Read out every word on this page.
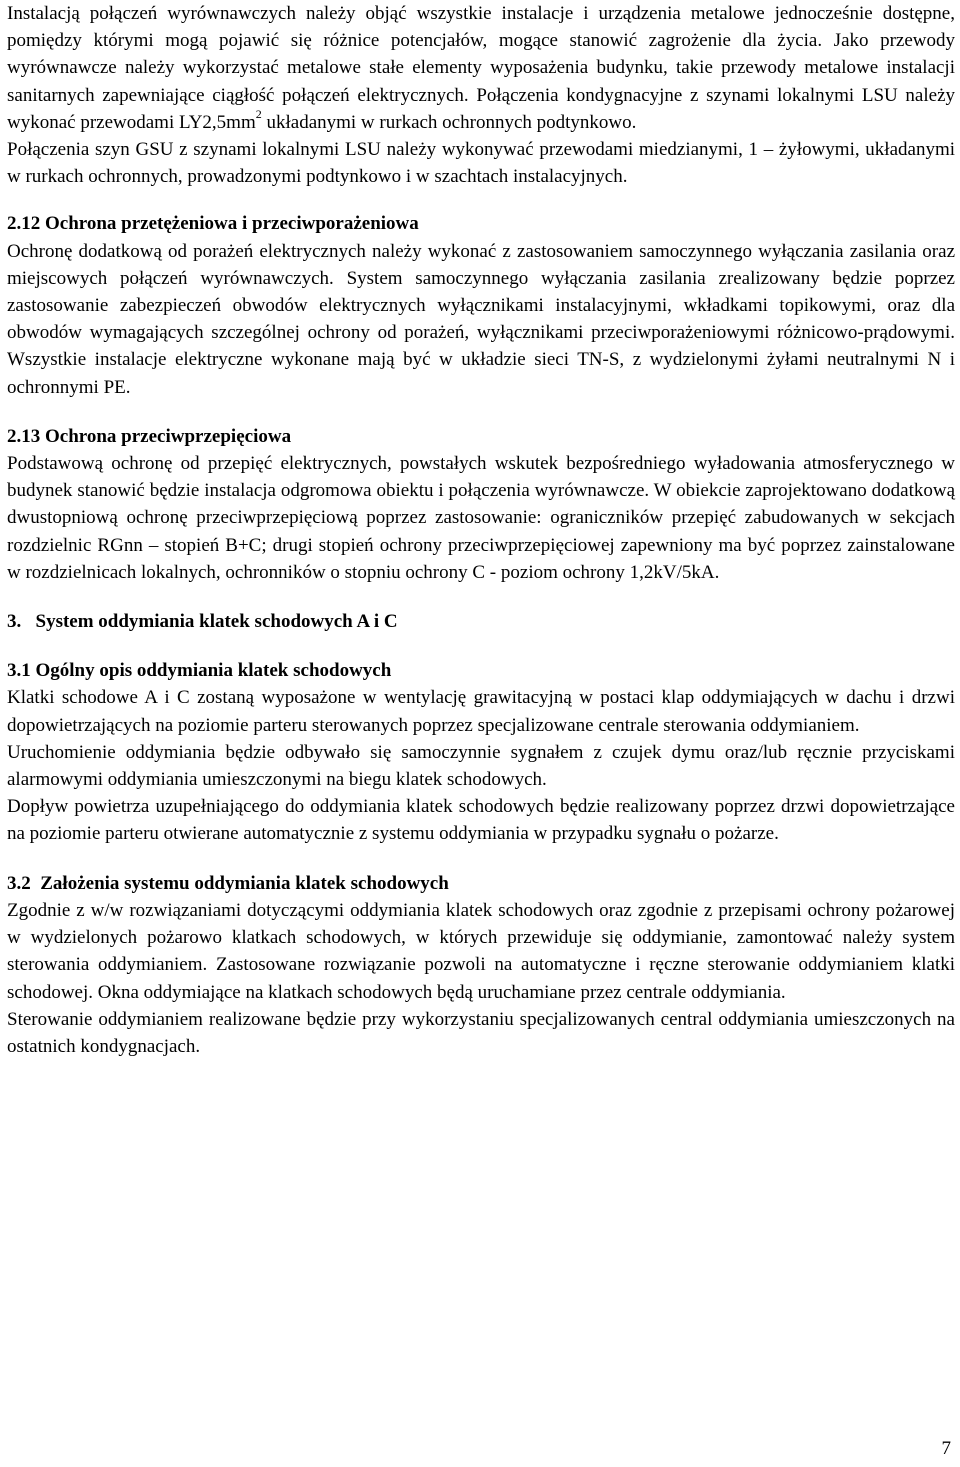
Instalacją połączeń wyrównawczych należy objąć wszystkie instalacje i urządzenia metalowe jednocześnie dostępne, pomiędzy którymi mogą pojawić się różnice potencjałów, mogące stanowić zagrożenie dla życia. Jako przewody wyrównawcze należy wykorzystać metalowe stałe elementy wyposażenia budynku, takie przewody metalowe instalacji sanitarnych zapewniające ciągłość połączeń elektrycznych. Połączenia kondygnacyjne z szynami lokalnymi LSU należy wykonać przewodami $LY2,5mm^2$ układanymi w rurkach ochronnych podtynkowo.

Połączenia szyn GSU z szynami lokalnymi LSU należy wykonywać przewodami miedzianymi, 1 – żyłowymi, układanymi w rurkach ochronnych, prowadzonymi podtynkowo i w szachtach instalacyjnych.

2.12 Ochrona przetężeniowa i przeciwporażeniowa

Ochronę dodatkową od porażeń elektrycznych należy wykonać z zastosowaniem samoczynnego wyłączania zasilania oraz miejscowych połączeń wyrównawczych. System samoczynnego wyłączania zasilania zrealizowany będzie poprzez zastosowanie zabezpieczeń obwodów elektrycznych wyłącznikami instalacyjnymi, wkładkami topikowymi, oraz dla obwodów wymagających szczególnej ochrony od porażeń, wyłącznikami przeciwporażeniowymi różnicowo-prądowymi. Wszystkie instalacje elektryczne wykonane mają być w układzie sieci TN-S, z wydzielonymi żyłami neutralnymi N i ochronnymi PE.

2.13 Ochrona przeciwprzepięciowa

Podstawową ochronę od przepięć elektrycznych, powstałych wskutek bezpośredniego wyładowania atmosferycznego w budynek stanowić będzie instalacja odgromowa obiektu i połączenia wyrównawcze. W obiekcie zaprojektowano dodatkową dwustopniową ochronę przeciwprzepięciową poprzez zastosowanie: ograniczników przepięć zabudowanych w sekcjach rozdzielnic RGnn – stopień B+C; drugi stopień ochrony przeciwprzepięciowej zapewniony ma być poprzez zainstalowane w rozdzielnicach lokalnych, ochronników o stopniu ochrony C - poziom ochrony 1,2kV/5kA.

3.   System oddymiania klatek schodowych A i C

3.1 Ogólny opis oddymiania klatek schodowych

Klatki schodowe A i C zostaną wyposażone w wentylację grawitacyjną w postaci klap oddymiających w dachu i drzwi dopowietrzających na poziomie parteru sterowanych poprzez specjalizowane centrale sterowania oddymianiem.

Uruchomienie oddymiania będzie odbywało się samoczynnie sygnałem z czujek dymu oraz/lub ręcznie przyciskami alarmowymi oddymiania umieszczonymi na biegu klatek schodowych.

Dopływ powietrza uzupełniającego do oddymiania klatek schodowych będzie realizowany poprzez drzwi dopowietrzające na poziomie parteru otwierane automatycznie z systemu oddymiania w przypadku sygnału o pożarze.

3.2  Założenia systemu oddymiania klatek schodowych

Zgodnie z w/w rozwiązaniami dotyczącymi oddymiania klatek schodowych oraz zgodnie z przepisami ochrony pożarowej w wydzielonych pożarowo klatkach schodowych, w których przewiduje się oddymianie, zamontować należy system sterowania oddymianiem. Zastosowane rozwiązanie pozwoli na automatyczne i ręczne sterowanie oddymianiem klatki schodowej. Okna oddymiające na klatkach schodowych będą uruchamiane przez centrale oddymiania.

Sterowanie oddymianiem realizowane będzie przy wykorzystaniu specjalizowanych central oddymiania umieszczonych na ostatnich kondygnacjach.

7
